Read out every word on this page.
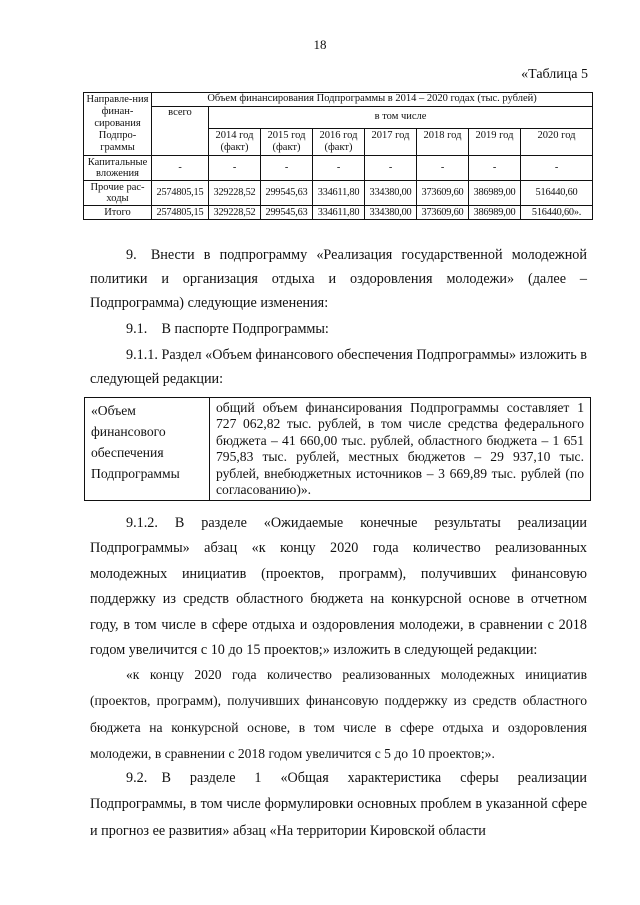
18
«Таблица 5
Направле-ния финан-сирования Подпро-граммы	Объем финансирования Подпрограммы в 2014 – 2020 годах (тыс. рублей)							
	всего	в том числе						
		2014 год (факт)	2015 год (факт)	2016 год (факт)	2017 год	2018 год	2019 год	2020 год
Капитальные вложения	-	-	-	-	-	-	-	-
Прочие рас-ходы	2574805,15	329228,52	299545,63	334611,80	334380,00	373609,60	386989,00	516440,60
Итого	2574805,15	329228,52	299545,63	334611,80	334380,00	373609,60	386989,00	516440,60».

9. Внести в подпрограмму «Реализация государственной молодежной политики и организация отдыха и оздоровления молодежи» (далее – Подпрограмма) следующие изменения:

9.1. В паспорте Подпрограммы:

9.1.1. Раздел «Объем финансового обеспечения Подпрограммы» изложить в следующей редакции:

«Объем финансового обеспечения Подпрограммы	общий объем финансирования Подпрограммы составляет 1 727 062,82 тыс. рублей, в том числе средства федерального бюджета – 41 660,00 тыс. рублей, областного бюджета – 1 651 795,83 тыс. рублей, местных бюджетов – 29 937,10 тыс. рублей, внебюджетных источников – 3 669,89 тыс. рублей (по согласованию)».

9.1.2. В разделе «Ожидаемые конечные результаты реализации Подпрограммы» абзац «к концу 2020 года количество реализованных молодежных инициатив (проектов, программ), получивших финансовую поддержку из средств областного бюджета на конкурсной основе в отчетном году, в том числе в сфере отдыха и оздоровления молодежи, в сравнении с 2018 годом увеличится с 10 до 15 проектов;» изложить в следующей редакции:

«к концу 2020 года количество реализованных молодежных инициатив (проектов, программ), получивших финансовую поддержку из средств областного бюджета на конкурсной основе, в том числе в сфере отдыха и оздоровления молодежи, в сравнении с 2018 годом увеличится с 5 до 10 проектов;».

9.2. В разделе 1 «Общая характеристика сферы реализации Подпрограммы, в том числе формулировки основных проблем в указанной сфере и прогноз ее развития» абзац «На территории Кировской области
